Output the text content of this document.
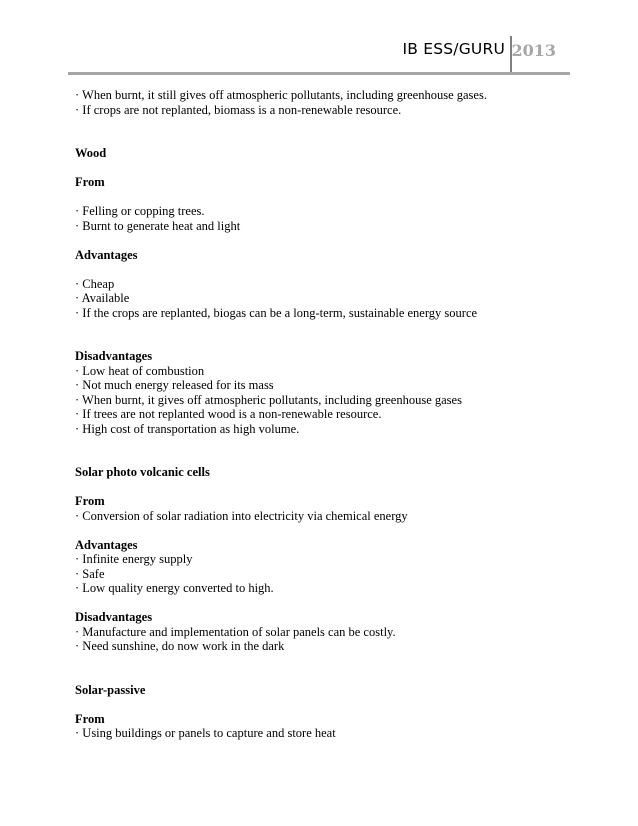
IB ESS/GURU 2013
· When burnt, it still gives off atmospheric pollutants, including greenhouse gases.
· If crops are not replanted, biomass is a non-renewable resource.
Wood
From
· Felling or copping trees.
· Burnt to generate heat and light
Advantages
· Cheap
· Available
· If the crops are replanted, biogas can be a long-term, sustainable energy source
Disadvantages
· Low heat of combustion
· Not much energy released for its mass
· When burnt, it gives off atmospheric pollutants, including greenhouse gases
· If trees are not replanted wood is a non-renewable resource.
· High cost of transportation as high volume.
Solar photo volcanic cells
From
· Conversion of solar radiation into electricity via chemical energy
Advantages
· Infinite energy supply
· Safe
· Low quality energy converted to high.
Disadvantages
· Manufacture and implementation of solar panels can be costly.
· Need sunshine, do now work in the dark
Solar-passive
From
· Using buildings or panels to capture and store heat
